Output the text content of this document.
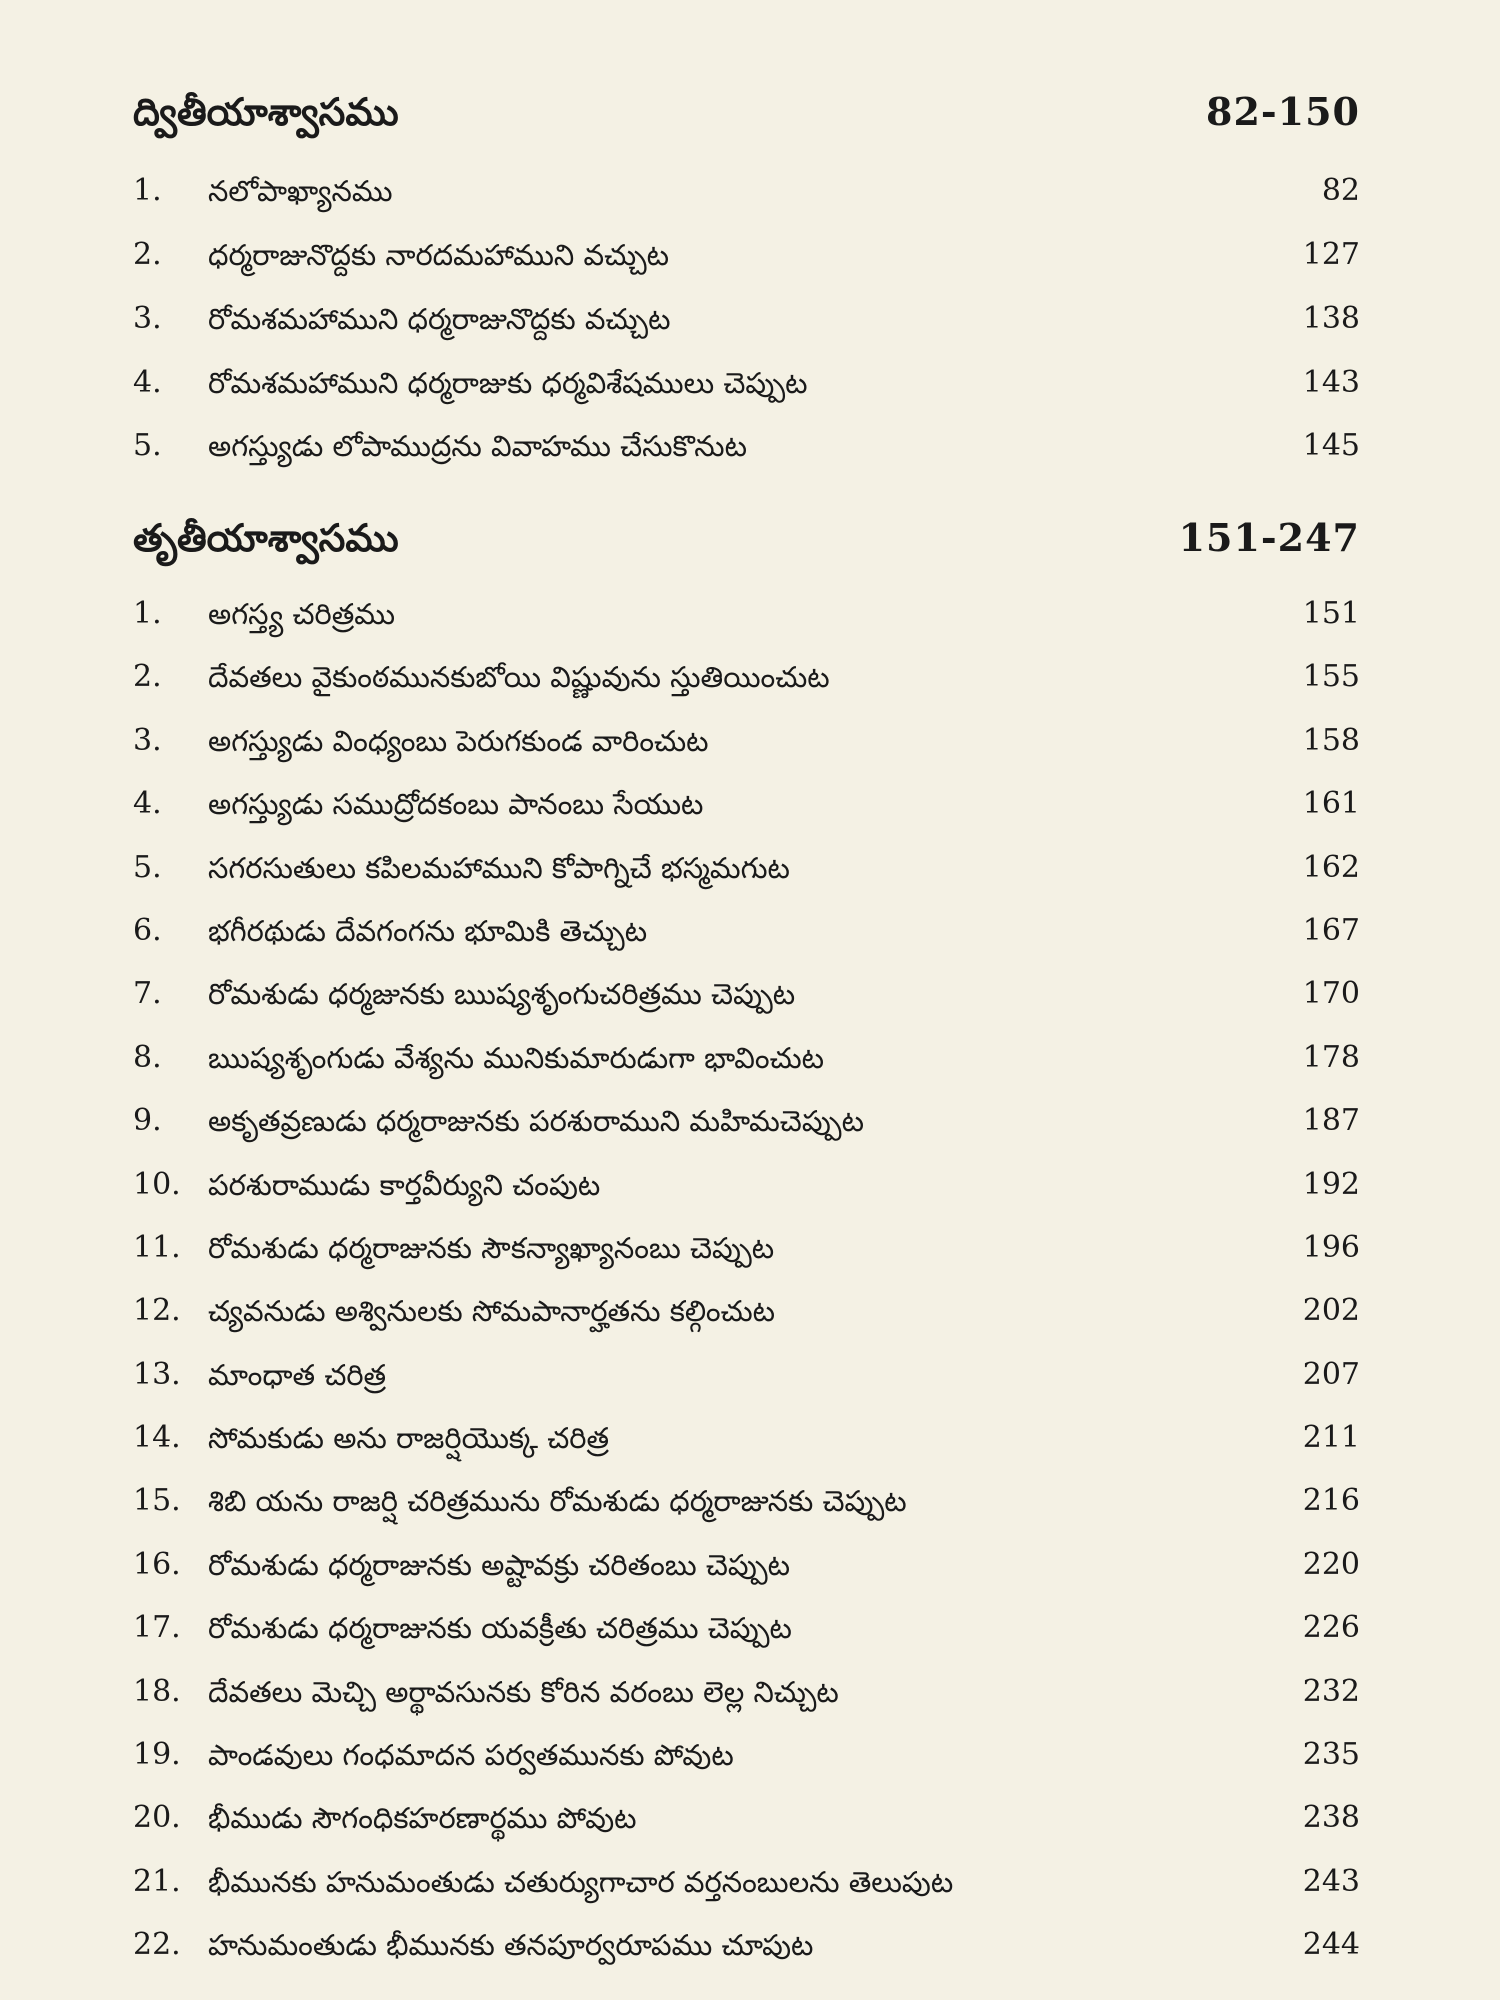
ద్వితీయాశ్వాసము	82-150
1. నలోపాఖ్యానము	82
2. ధర్మరాజునొద్దకు నారదమహాముని వచ్చుట	127
3. రోమశమహాముని ధర్మరాజునొద్దకు వచ్చుట	138
4. రోమశమహాముని ధర్మరాజుకు ధర్మవిశేషములు చెప్పుట	143
5. అగస్త్యుడు లోపాముద్రను వివాహము చేసుకొనుట	145
తృతీయాశ్వాసము	151-247
1. అగస్త్య చరిత్రము	151
2. దేవతలు వైకుంఠమునకుబోయి విష్ణువును స్తుతియించుట	155
3. అగస్త్యుడు వింధ్యంబు పెరుగకుండ వారించుట	158
4. అగస్త్యుడు సముద్రోదకంబు పానంబు సేయుట	161
5. సగరసుతులు కపిలమహాముని కోపాగ్నిచే భస్మమగుట	162
6. భగీరథుడు దేవగంగను భూమికి తెచ్చుట	167
7. రోమశుడు ధర్మజునకు ఋష్యశృంగుచరిత్రము చెప్పుట	170
8. ఋష్యశృంగుడు వేశ్యను మునికుమారుడుగా భావించుట	178
9. అకృతవ్రణుడు ధర్మరాజునకు పరశురాముని మహిమచెప్పుట	187
10. పరశురాముడు కార్తవీర్యుని చంపుట	192
11. రోమశుడు ధర్మరాజునకు సౌకన్యాఖ్యానంబు చెప్పుట	196
12. చ్యవనుడు అశ్వినులకు సోమపానార్హతను కల్గించుట	202
13. మాంధాత చరిత్ర	207
14. సోమకుడు అను రాజర్షియొక్క చరిత్ర	211
15. శిబి యను రాజర్షి చరిత్రమును రోమశుడు ధర్మరాజునకు చెప్పుట	216
16. రోమశుడు ధర్మరాజునకు అష్టావక్రు చరితంబు చెప్పుట	220
17. రోమశుడు ధర్మరాజునకు యవక్రీతు చరిత్రము చెప్పుట	226
18. దేవతలు మెచ్చి అర్థావసునకు కోరిన వరంబు లెల్ల నిచ్చుట	232
19. పాండవులు గంధమాదన పర్వతమునకు పోవుట	235
20. భీముడు సౌగంధికహరణార్థము పోవుట	238
21. భీమునకు హనుమంతుడు చతుర్యుగాచార వర్తనంబులను తెలుపుట	243
22. హనుమంతుడు భీమునకు తనపూర్వరూపము చూపుట	244
